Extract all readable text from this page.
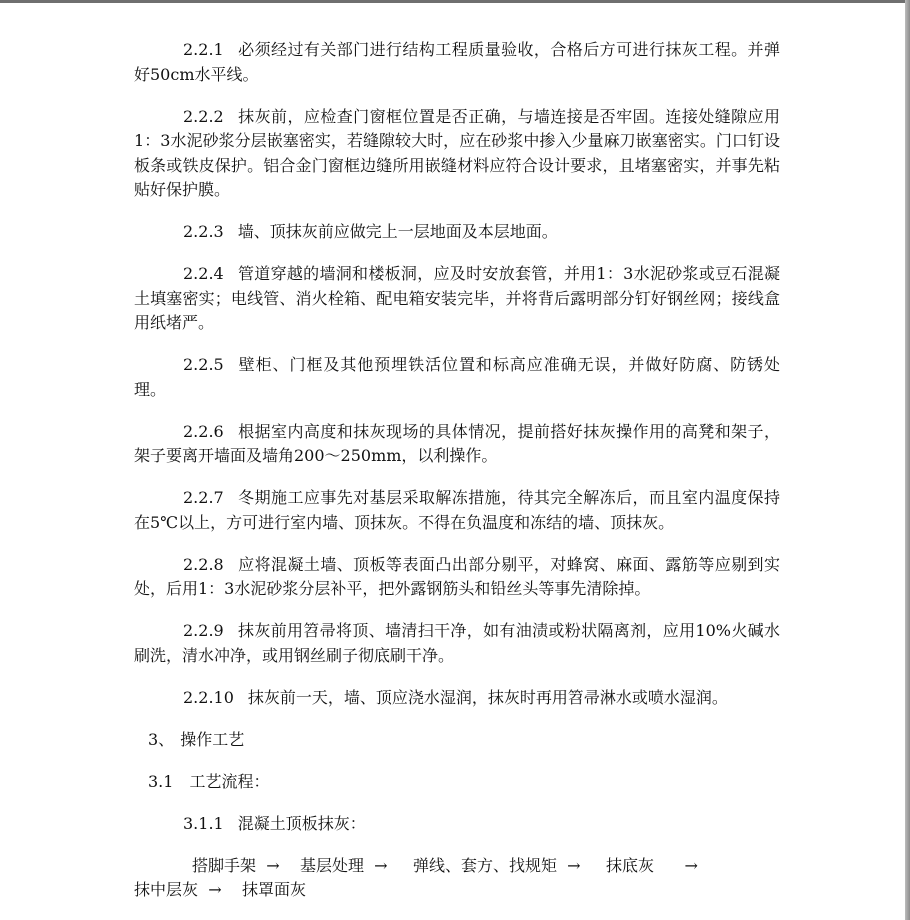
2.2.1 必须经过有关部门进行结构工程质量验收，合格后方可进行抹灰工程。并弹好50cm水平线。

2.2.2 抹灰前，应检查门窗框位置是否正确，与墙连接是否牢固。连接处缝隙应用1：3水泥砂浆分层嵌塞密实，若缝隙较大时，应在砂浆中掺入少量麻刀嵌塞密实。门口钉设板条或铁皮保护。铝合金门窗框边缝所用嵌缝材料应符合设计要求，且堵塞密实，并事先粘贴好保护膜。

2.2.3 墙、顶抹灰前应做完上一层地面及本层地面。

2.2.4 管道穿越的墙洞和楼板洞，应及时安放套管，并用1：3水泥砂浆或豆石混凝土填塞密实；电线管、消火栓箱、配电箱安装完毕，并将背后露明部分钉好钢丝网；接线盒用纸堵严。

2.2.5 壁柜、门框及其他预埋铁活位置和标高应准确无误，并做好防腐、防锈处理。

2.2.6 根据室内高度和抹灰现场的具体情况，提前搭好抹灰操作用的高凳和架子，架子要离开墙面及墙角200～250mm，以利操作。

2.2.7 冬期施工应事先对基层采取解冻措施，待其完全解冻后，而且室内温度保持在5℃以上，方可进行室内墙、顶抹灰。不得在负温度和冻结的墙、顶抹灰。

2.2.8 应将混凝土墙、顶板等表面凸出部分剔平，对蜂窝、麻面、露筋等应剔到实处，后用1：3水泥砂浆分层补平，把外露钢筋头和铅丝头等事先清除掉。

2.2.9 抹灰前用笤帚将顶、墙清扫干净，如有油渍或粉状隔离剂，应用10%火碱水刷洗，清水冲净，或用钢丝刷子彻底刷干净。

2.2.10 抹灰前一天，墙、顶应浇水湿润，抹灰时再用笤帚淋水或喷水湿润。

3、 操作工艺

3.1 工艺流程：

3.1.1 混凝土顶板抹灰：

搭脚手架 → 基层处理 → 弹线、套方、找规矩 → 抹底灰 →
抹中层灰 → 抹罩面灰
